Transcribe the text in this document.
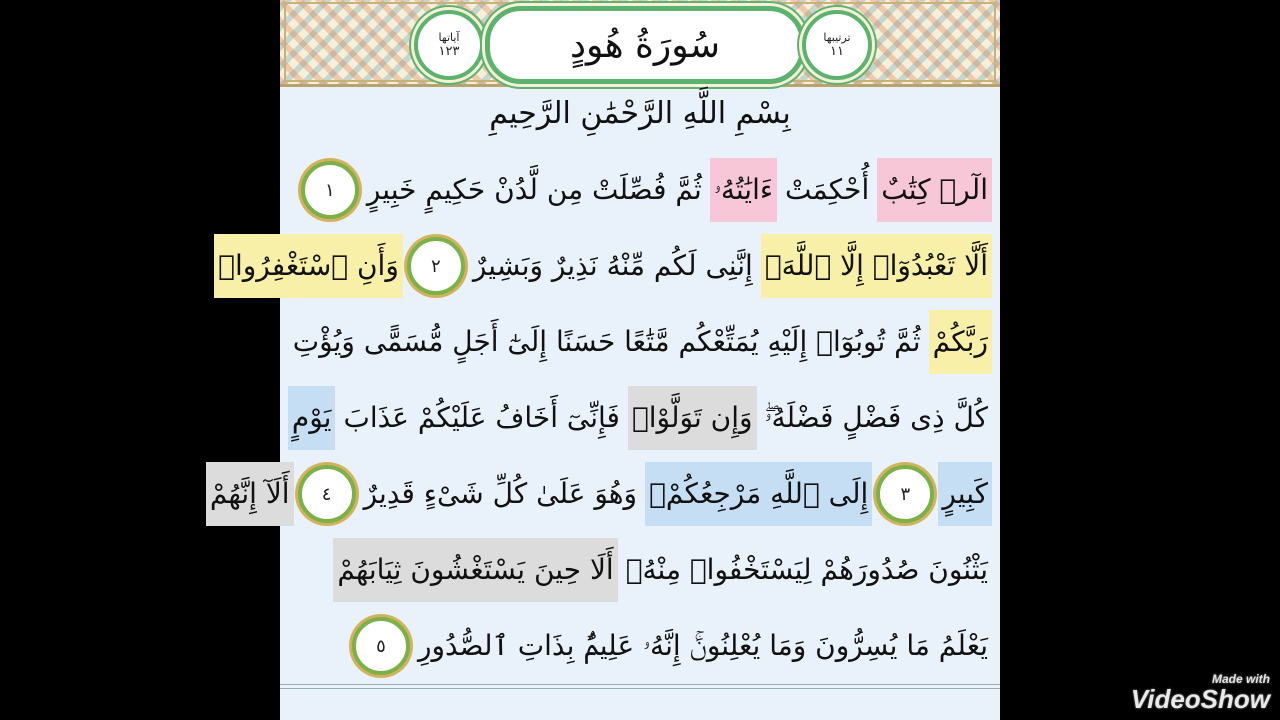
آياتها
١٢٣	سُورَةُ هُودٍ	ترتيبها
١١
بِسْمِ اللَّهِ الرَّحْمَٰنِ الرَّحِيمِ
الٓرۚ كِتَٰبٌ
أُحْكِمَتْ
ءَايَٰتُهُۥ
ثُمَّ فُصِّلَتْ مِن لَّدُنْ حَكِيمٍ خَبِيرٍ
١
أَلَّا تَعْبُدُوٓا۟ إِلَّا ٱللَّهَۚ
إِنَّنِى لَكُم مِّنْهُ نَذِيرٌ وَبَشِيرٌ
٢
وَأَنِ ٱسْتَغْفِرُوا۟
رَبَّكُمْ
ثُمَّ تُوبُوٓا۟ إِلَيْهِ يُمَتِّعْكُم مَّتَٰعًا حَسَنًا إِلَىٰٓ أَجَلٍ مُّسَمًّى وَيُؤْتِ
كُلَّ ذِى فَضْلٍ فَضْلَهُۥۖ
وَإِن تَوَلَّوْا۟
فَإِنِّىٓ أَخَافُ عَلَيْكُمْ عَذَابَ
يَوْمٍ
كَبِيرٍ
٣
إِلَى ٱللَّهِ مَرْجِعُكُمْۖ
وَهُوَ عَلَىٰ كُلِّ شَىْءٍ قَدِيرٌ
٤
أَلَآ إِنَّهُمْ
يَثْنُونَ صُدُورَهُمْ لِيَسْتَخْفُوا۟ مِنْهُۚ
أَلَا حِينَ يَسْتَغْشُونَ ثِيَابَهُمْ
يَعْلَمُ مَا يُسِرُّونَ وَمَا يُعْلِنُونَۚ إِنَّهُۥ عَلِيمٌۢ بِذَاتِ ٱلصُّدُورِ
٥
Made with
VideoShow
